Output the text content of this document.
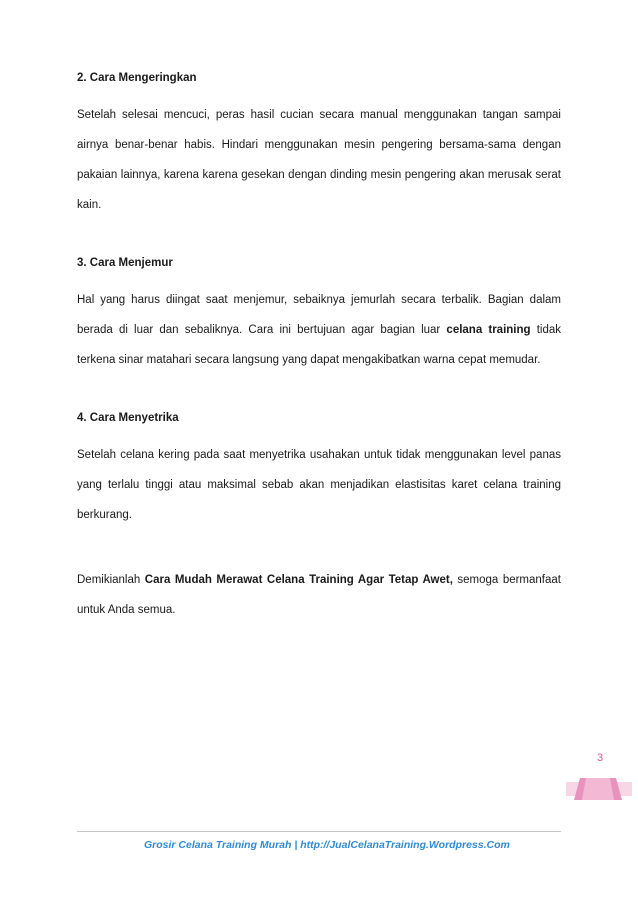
2. Cara Mengeringkan

Setelah selesai mencuci, peras hasil cucian secara manual menggunakan tangan sampai airnya benar-benar habis. Hindari menggunakan mesin pengering bersama-sama dengan pakaian lainnya, karena karena gesekan dengan dinding mesin pengering akan merusak serat kain.

3. Cara Menjemur

Hal yang harus diingat saat menjemur, sebaiknya jemurlah secara terbalik. Bagian dalam berada di luar dan sebaliknya. Cara ini bertujuan agar bagian luar celana training tidak terkena sinar matahari secara langsung yang dapat mengakibatkan warna cepat memudar.

4. Cara Menyetrika

Setelah celana kering pada saat menyetrika usahakan untuk tidak menggunakan level panas yang terlalu tinggi atau maksimal sebab akan menjadikan elastisitas karet celana training berkurang.

Demikianlah Cara Mudah Merawat Celana Training Agar Tetap Awet, semoga bermanfaat untuk Anda semua.

3
Grosir Celana Training Murah | http://JualCelanaTraining.Wordpress.Com
